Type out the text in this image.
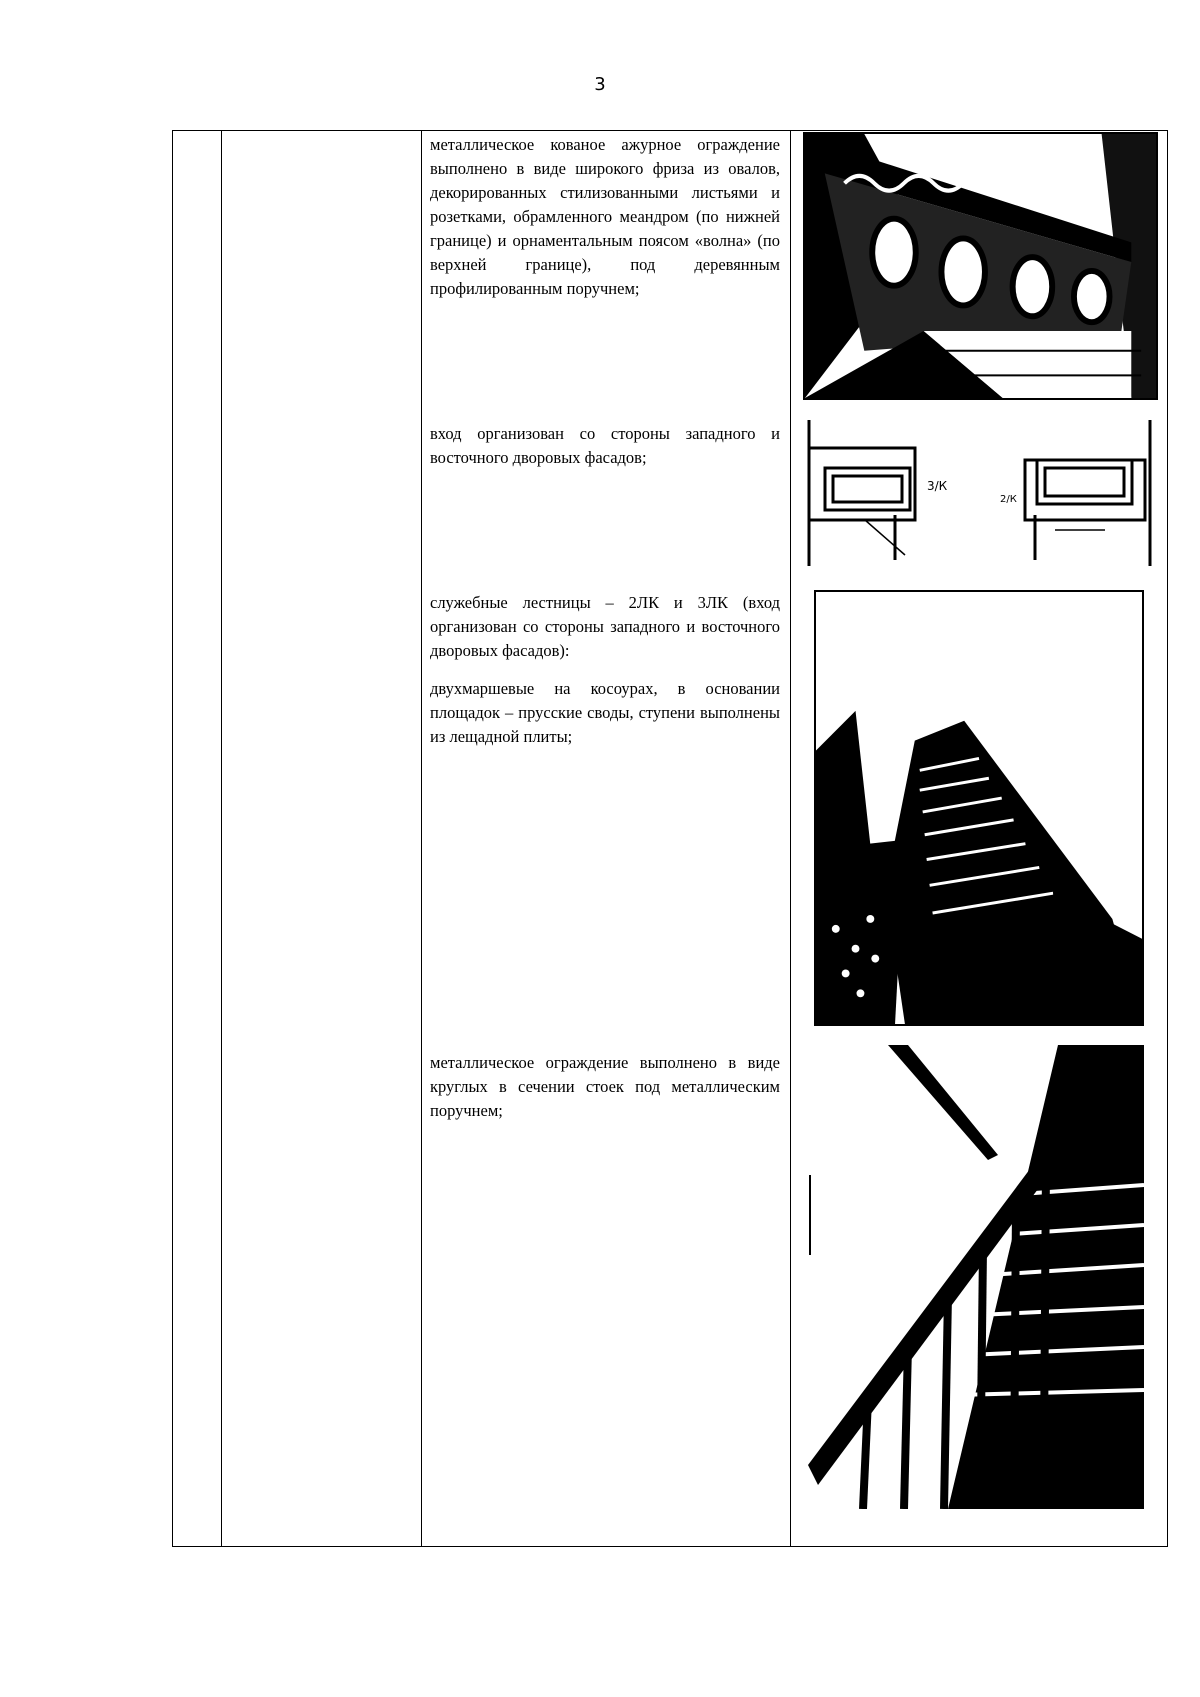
3

металлическое кованое ажурное ограждение выполнено в виде широкого фриза из овалов, декорированных стилизованными листьями и розетками, обрамленного меандром (по нижней границе) и орнаментальным поясом «волна» (по верхней границе), под деревянным профилированным поручнем;

вход организован со стороны западного и восточного дворовых фасадов;

3/К
2/К

служебные лестницы – 2ЛК и 3ЛК (вход организован со стороны западного и восточного дворовых фасадов):

двухмаршевые на косоурах, в основании площадок – прусские своды, ступени выполнены из лещадной плиты;

металлическое ограждение выполнено в виде круглых в сечении стоек под металлическим поручнем;
